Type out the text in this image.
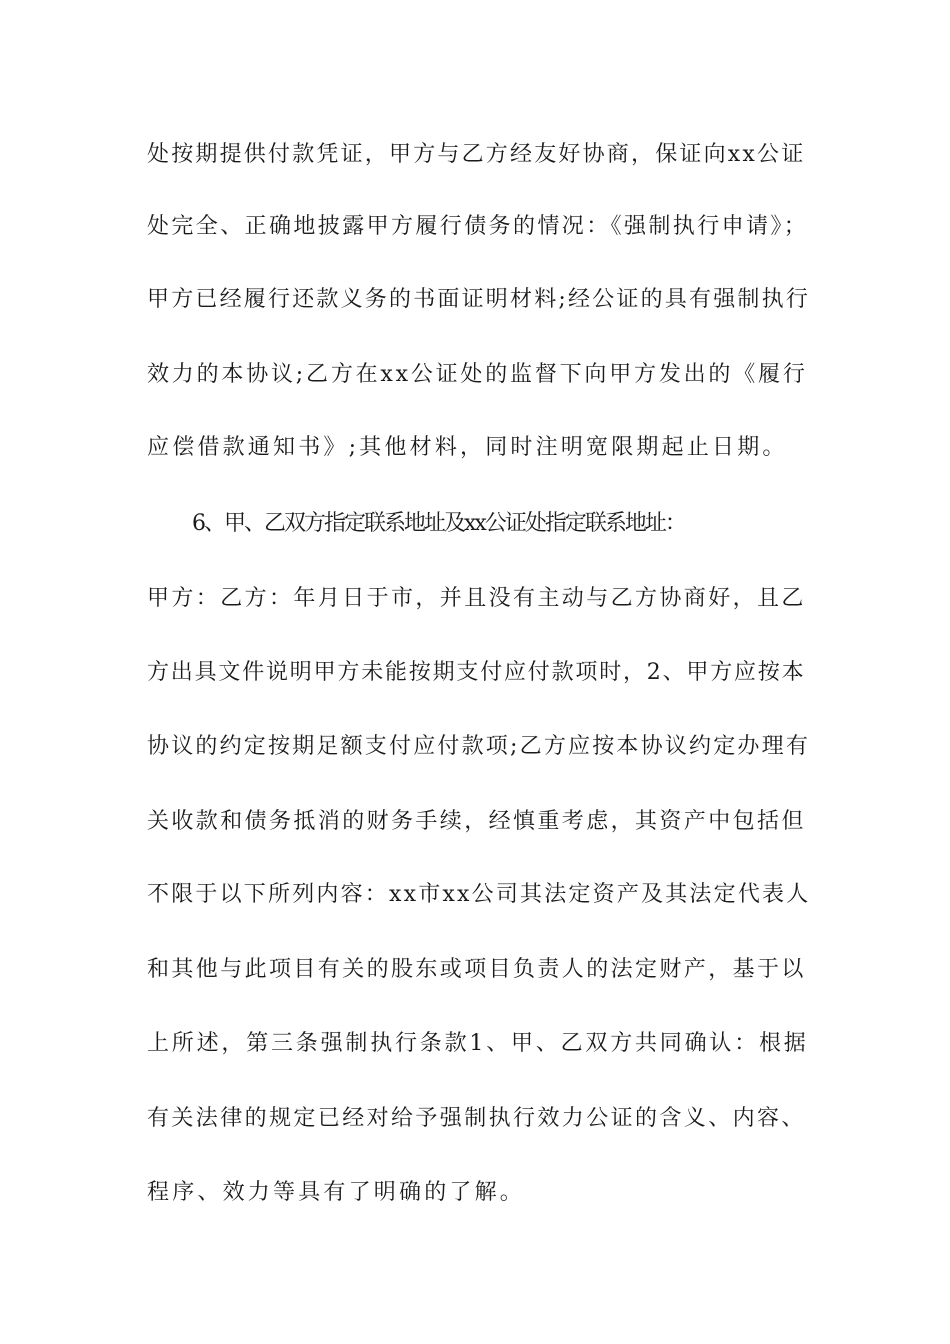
处按期提供付款凭证，甲方与乙方经友好协商，保证向xx公证
处完全、正确地披露甲方履行债务的情况：《强制执行申请》；
甲方已经履行还款义务的书面证明材料;经公证的具有强制执行
效力的本协议;乙方在xx公证处的监督下向甲方发出的《履行
应偿借款通知书》;其他材料，同时注明宽限期起止日期。
6、甲、乙双方指定联系地址及xx公证处指定联系地址：
甲方：乙方：年月日于市，并且没有主动与乙方协商好，且乙
方出具文件说明甲方未能按期支付应付款项时，2、甲方应按本
协议的约定按期足额支付应付款项;乙方应按本协议约定办理有
关收款和债务抵消的财务手续，经慎重考虑，其资产中包括但
不限于以下所列内容：xx市xx公司其法定资产及其法定代表人
和其他与此项目有关的股东或项目负责人的法定财产，基于以
上所述，第三条强制执行条款1、甲、乙双方共同确认：根据
有关法律的规定已经对给予强制执行效力公证的含义、内容、
程序、效力等具有了明确的了解。
